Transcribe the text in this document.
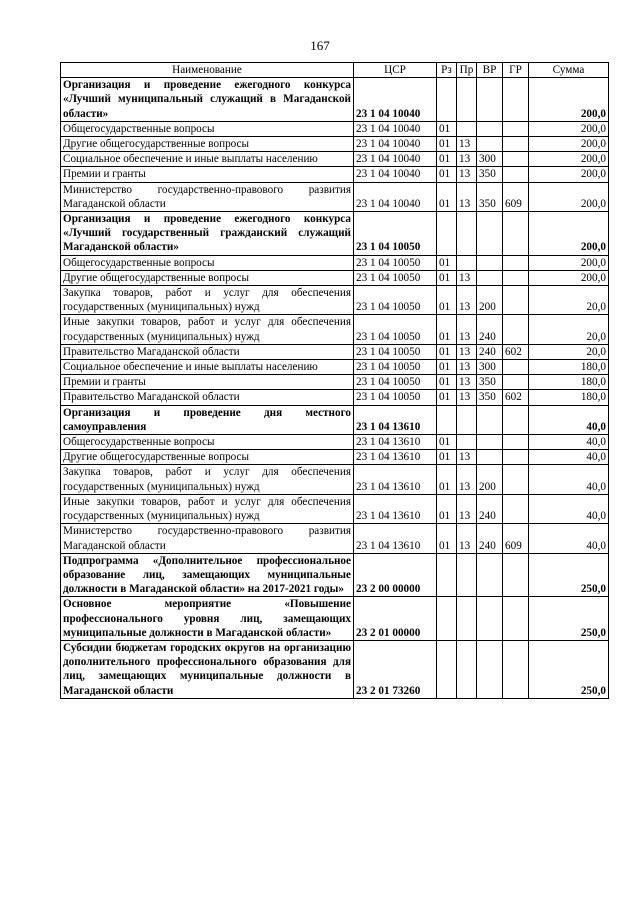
167
Наименование	ЦСР	Рз	Пр	ВР	ГР	Сумма
Организация и проведение ежегодного конкурса «Лучший муниципальный служащий в Магаданской области»	23 1 04 10040					200,0
Общегосударственные вопросы	23 1 04 10040	01				200,0
Другие общегосударственные вопросы	23 1 04 10040	01	13			200,0
Социальное обеспечение и иные выплаты населению	23 1 04 10040	01	13	300		200,0
Премии и гранты	23 1 04 10040	01	13	350		200,0
Министерство государственно-правового развития Магаданской области	23 1 04 10040	01	13	350	609	200,0
Организация и проведение ежегодного конкурса «Лучший государственный гражданский служащий Магаданской области»	23 1 04 10050					200,0
Общегосударственные вопросы	23 1 04 10050	01				200,0
Другие общегосударственные вопросы	23 1 04 10050	01	13			200,0
Закупка товаров, работ и услуг для обеспечения государственных (муниципальных) нужд	23 1 04 10050	01	13	200		20,0
Иные закупки товаров, работ и услуг для обеспечения государственных (муниципальных) нужд	23 1 04 10050	01	13	240		20,0
Правительство Магаданской области	23 1 04 10050	01	13	240	602	20,0
Социальное обеспечение и иные выплаты населению	23 1 04 10050	01	13	300		180,0
Премии и гранты	23 1 04 10050	01	13	350		180,0
Правительство Магаданской области	23 1 04 10050	01	13	350	602	180,0
Организация и проведение дня местного самоуправления	23 1 04 13610					40,0
Общегосударственные вопросы	23 1 04 13610	01				40,0
Другие общегосударственные вопросы	23 1 04 13610	01	13			40,0
Закупка товаров, работ и услуг для обеспечения государственных (муниципальных) нужд	23 1 04 13610	01	13	200		40,0
Иные закупки товаров, работ и услуг для обеспечения государственных (муниципальных) нужд	23 1 04 13610	01	13	240		40,0
Министерство государственно-правового развития Магаданской области	23 1 04 13610	01	13	240	609	40,0
Подпрограмма «Дополнительное профессиональное образование лиц, замещающих муниципальные должности в Магаданской области» на 2017-2021 годы»	23 2 00 00000					250,0
Основное мероприятие «Повышение профессионального уровня лиц, замещающих муниципальные должности в Магаданской области»	23 2 01 00000					250,0
Субсидии бюджетам городских округов на организацию дополнительного профессионального образования для лиц, замещающих муниципальные должности в Магаданской области	23 2 01 73260					250,0
